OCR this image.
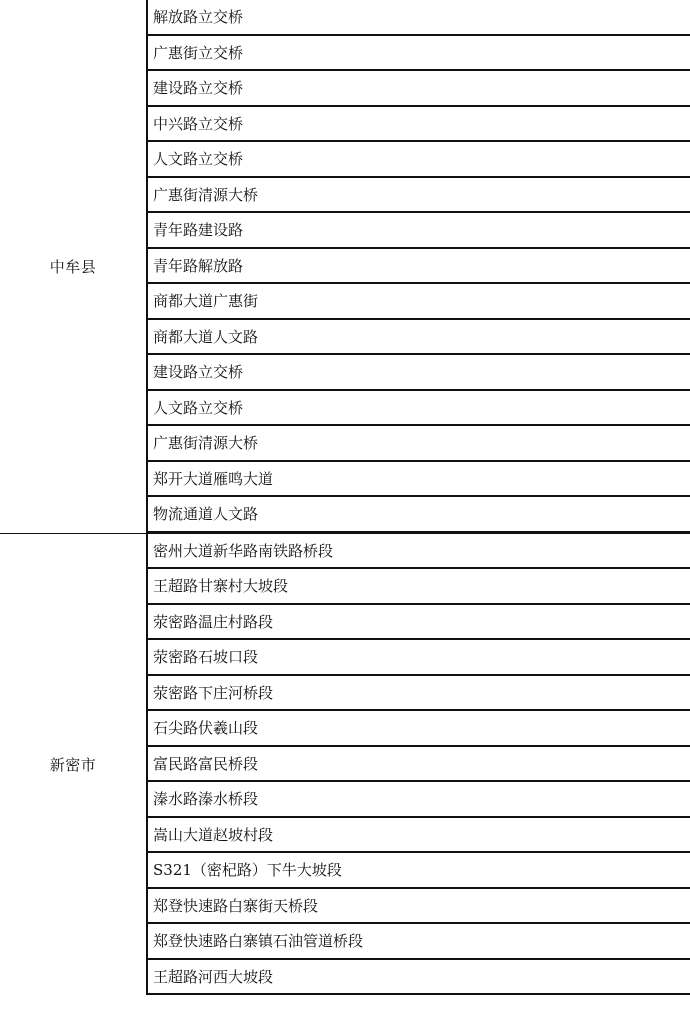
中牟县
解放路立交桥
广惠街立交桥
建设路立交桥
中兴路立交桥
人文路立交桥
广惠街清源大桥
青年路建设路
青年路解放路
商都大道广惠街
商都大道人文路
建设路立交桥
人文路立交桥
广惠街清源大桥
郑开大道雁鸣大道
物流通道人文路
新密市
密州大道新华路南铁路桥段
王超路甘寨村大坡段
荥密路温庄村路段
荥密路石坡口段
荥密路下庄河桥段
石尖路伏羲山段
富民路富民桥段
溱水路溱水桥段
嵩山大道赵坡村段
S321（密杞路）下牛大坡段
郑登快速路白寨街天桥段
郑登快速路白寨镇石油管道桥段
王超路河西大坡段
